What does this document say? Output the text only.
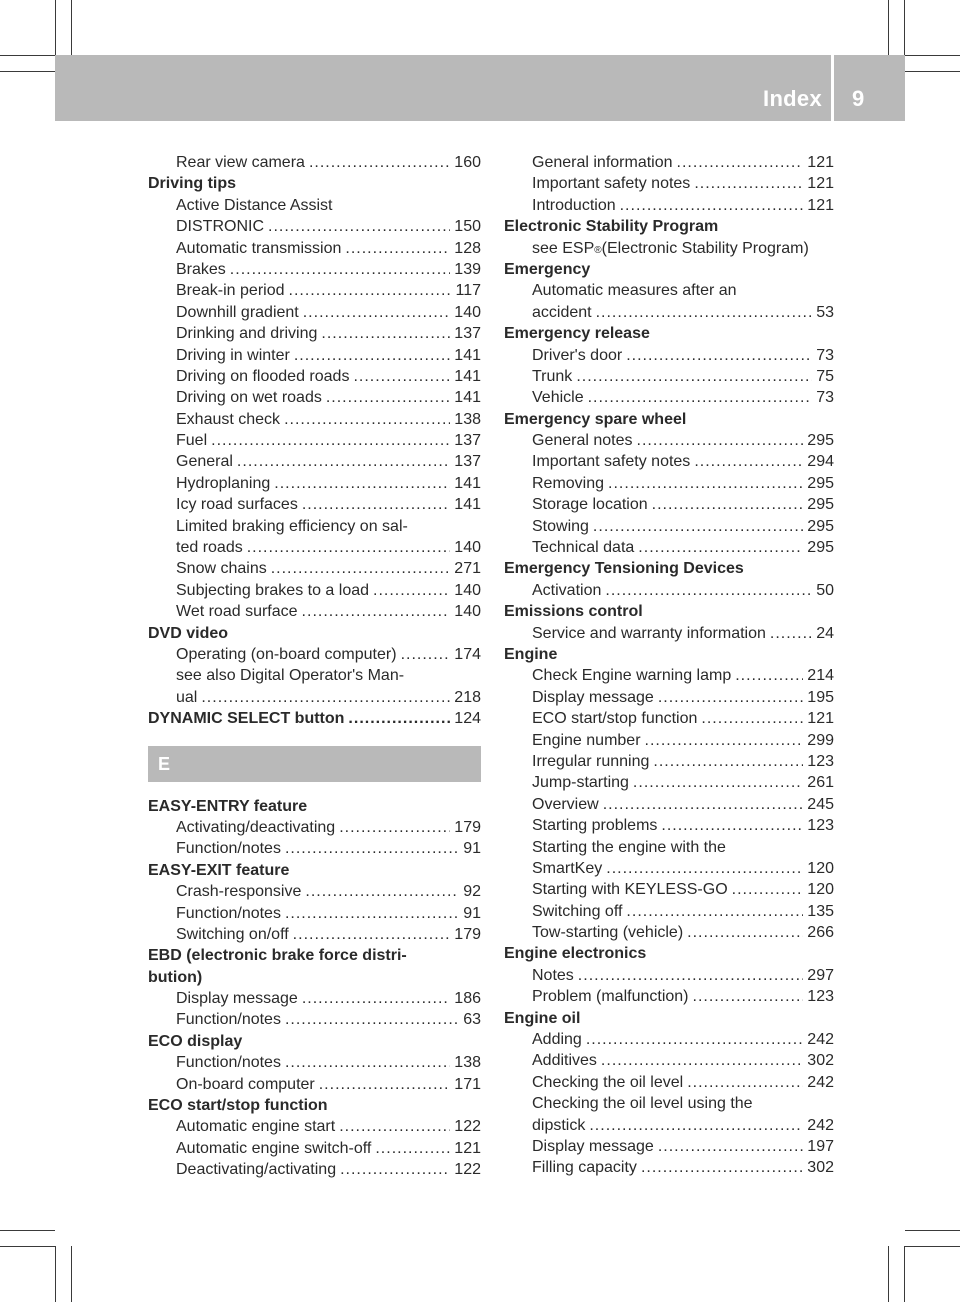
Index 9
Rear view camera .....	160
Driving tips
Active Distance Assist
DISTRONIC .....	150
Automatic transmission .....	128
Brakes .....	139
Break-in period .....	117
Downhill gradient .....	140
Drinking and driving .....	137
Driving in winter .....	141
Driving on flooded roads .....	141
Driving on wet roads .....	141
Exhaust check .....	138
Fuel .....	137
General .....	137
Hydroplaning .....	141
Icy road surfaces .....	141
Limited braking efficiency on sal-
ted roads .....	140
Snow chains .....	271
Subjecting brakes to a load .....	140
Wet road surface .....	140
DVD video
Operating (on-board computer) .....	174
see also Digital Operator's Man-
ual .....	218
DYNAMIC SELECT button .....	124
E
EASY-ENTRY feature
Activating/deactivating .....	179
Function/notes .....	91
EASY-EXIT feature
Crash-responsive .....	92
Function/notes .....	91
Switching on/off .....	179
EBD (electronic brake force distri-
bution)
Display message .....	186
Function/notes .....	63
ECO display
Function/notes .....	138
On-board computer .....	171
ECO start/stop function
Automatic engine start .....	122
Automatic engine switch-off .....	121
Deactivating/activating .....	122
General information .....	121
Important safety notes .....	121
Introduction .....	121
Electronic Stability Program
see ESP ® (Electronic Stability Program)
Emergency
Automatic measures after an
accident .....	53
Emergency release
Driver's door .....	73
Trunk .....	75
Vehicle .....	73
Emergency spare wheel
General notes .....	295
Important safety notes .....	294
Removing .....	295
Storage location .....	295
Stowing .....	295
Technical data .....	295
Emergency Tensioning Devices
Activation .....	50
Emissions control
Service and warranty information .....	24
Engine
Check Engine warning lamp .....	214
Display message .....	195
ECO start/stop function .....	121
Engine number .....	299
Irregular running .....	123
Jump-starting .....	261
Overview .....	245
Starting problems .....	123
Starting the engine with the
SmartKey .....	120
Starting with KEYLESS-GO .....	120
Switching off .....	135
Tow-starting (vehicle) .....	266
Engine electronics
Notes .....	297
Problem (malfunction) .....	123
Engine oil
Adding .....	242
Additives .....	302
Checking the oil level .....	242
Checking the oil level using the
dipstick .....	242
Display message .....	197
Filling capacity .....	302
